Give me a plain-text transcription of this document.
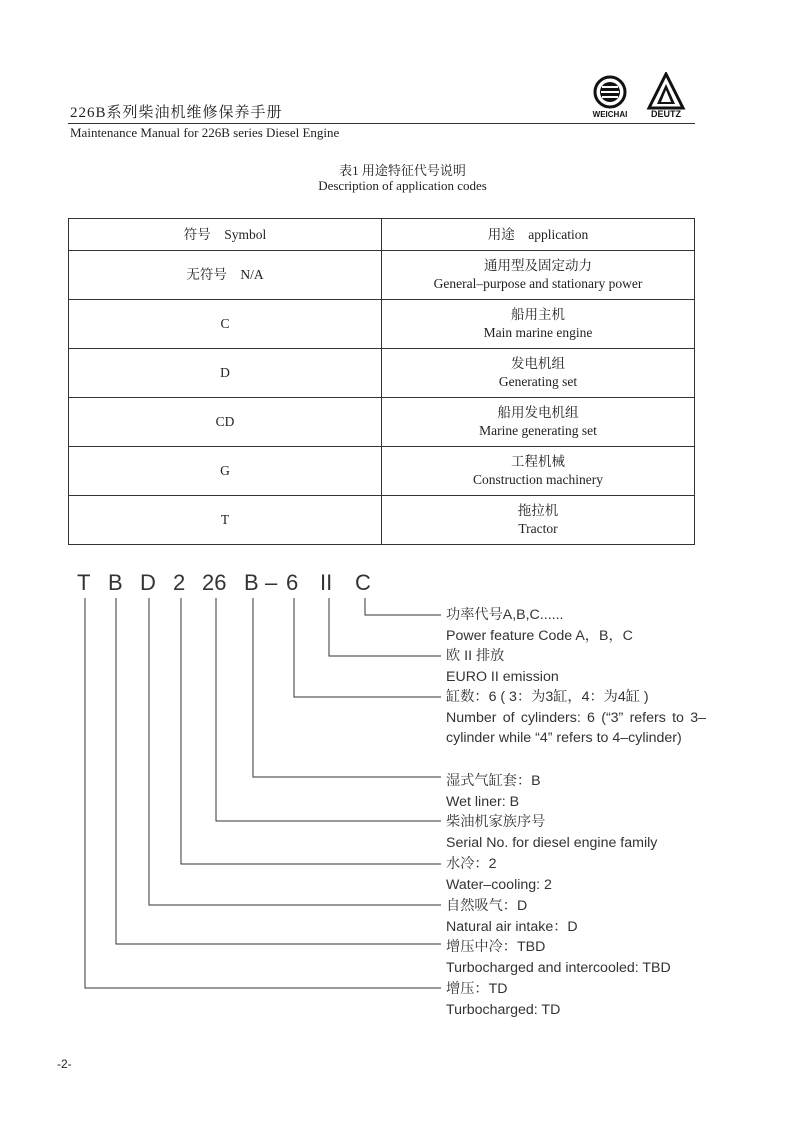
226B系列柴油机维修保养手册
Maintenance Manual for 226B series Diesel Engine
WEICHAI	DEUTZ
表1 用途特征代号说明
Description of application codes
符号　Symbol	用途　application
无符号　N/A	通用型及固定动力
General–purpose and stationary power

C	船用主机
Main marine engine

D	发电机组
Generating set

CD	船用发电机组
Marine generating set

G	工程机械
Construction machinery

T	拖拉机
Tractor
T B D 2 26 B – 6 II C
功率代号A,B,C......
Power feature Code A，B，C
欧 II 排放
EURO II emission
缸数：6 ( 3：为3缸，4：为4缸 )
Number of cylinders: 6 (“3” refers to 3–cylinder while “4” refers to 4–cylinder)
湿式气缸套：B
Wet liner: B
柴油机家族序号
Serial No. for diesel engine family
水冷：2
Water–cooling: 2
自然吸气：D
Natural air intake：D
增压中冷：TBD
Turbocharged and intercooled: TBD
增压：TD
Turbocharged: TD
-2-
